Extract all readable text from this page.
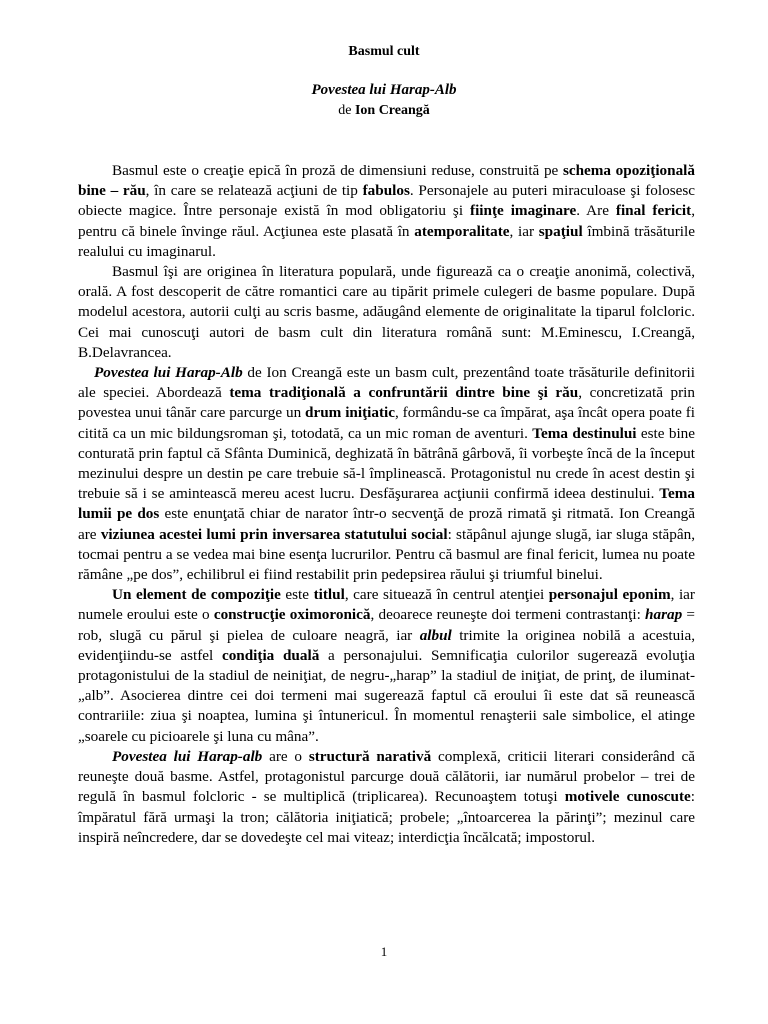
Basmul cult
Povestea lui Harap-Alb
de Ion Creangă

Basmul este o creaţie epică în proză de dimensiuni reduse, construită pe schema opoziţională bine – rău, în care se relatează acţiuni de tip fabulos. Personajele au puteri miraculoase şi folosesc obiecte magice. Între personaje există în mod obligatoriu şi fiinţe imaginare. Are final fericit, pentru că binele învinge răul. Acţiunea este plasată în atemporalitate, iar spaţiul îmbină trăsăturile realului cu imaginarul.

Basmul îşi are originea în literatura populară, unde figurează ca o creaţie anonimă, colectivă, orală. A fost descoperit de către romantici care au tipărit primele culegeri de basme populare. După modelul acestora, autorii culţi au scris basme, adăugând elemente de originalitate la tiparul folcloric. Cei mai cunoscuţi autori de basm cult din literatura română sunt: M.Eminescu, I.Creangă, B.Delavrancea.

Povestea lui Harap-Alb de Ion Creangă este un basm cult, prezentând toate trăsăturile definitorii ale speciei. Abordează tema tradiţională a confruntării dintre bine şi rău, concretizată prin povestea unui tânăr care parcurge un drum iniţiatic, formându-se ca împărat, aşa încât opera poate fi citită ca un mic bildungsroman şi, totodată, ca un mic roman de aventuri. Tema destinului este bine conturată prin faptul că Sfânta Duminică, deghizată în bătrână gârbovă, îi vorbeşte încă de la început mezinului despre un destin pe care trebuie să-l împlinească. Protagonistul nu crede în acest destin şi trebuie să i se amintească mereu acest lucru. Desfăşurarea acţiunii confirmă ideea destinului. Tema lumii pe dos este enunţată chiar de narator într-o secvenţă de proză rimată şi ritmată. Ion Creangă are viziunea acestei lumi prin inversarea statutului social: stăpânul ajunge slugă, iar sluga stăpân, tocmai pentru a se vedea mai bine esenţa lucrurilor. Pentru că basmul are final fericit, lumea nu poate rămâne „pe dos”, echilibrul ei fiind restabilit prin pedepsirea răului şi triumful binelui.

Un element de compoziţie este titlul, care situează în centrul atenţiei personajul eponim, iar numele eroului este o construcţie oximoronică, deoarece reuneşte doi termeni contrastanţi: harap = rob, slugă cu părul şi pielea de culoare neagră, iar albul trimite la originea nobilă a acestuia, evidenţiindu-se astfel condiţia duală a personajului. Semnificaţia culorilor sugerează evoluţia protagonistului de la stadiul de neiniţiat, de negru-„harap” la stadiul de iniţiat, de prinţ, de iluminat-„alb”. Asocierea dintre cei doi termeni mai sugerează faptul că eroului îi este dat să reunească contrariile: ziua şi noaptea, lumina şi întunericul. În momentul renaşterii sale simbolice, el atinge „soarele cu picioarele şi luna cu mâna”.

Povestea lui Harap-alb are o structură narativă complexă, criticii literari considerând că reuneşte două basme. Astfel, protagonistul parcurge două călătorii, iar numărul probelor – trei de regulă în basmul folcloric - se multiplică (triplicarea). Recunoaştem totuşi motivele cunoscute: împăratul fără urmaşi la tron; călătoria iniţiatică; probele; „întoarcerea la părinţi”; mezinul care inspiră neîncredere, dar se dovedeşte cel mai viteaz; interdicţia încălcată; impostorul.

1
